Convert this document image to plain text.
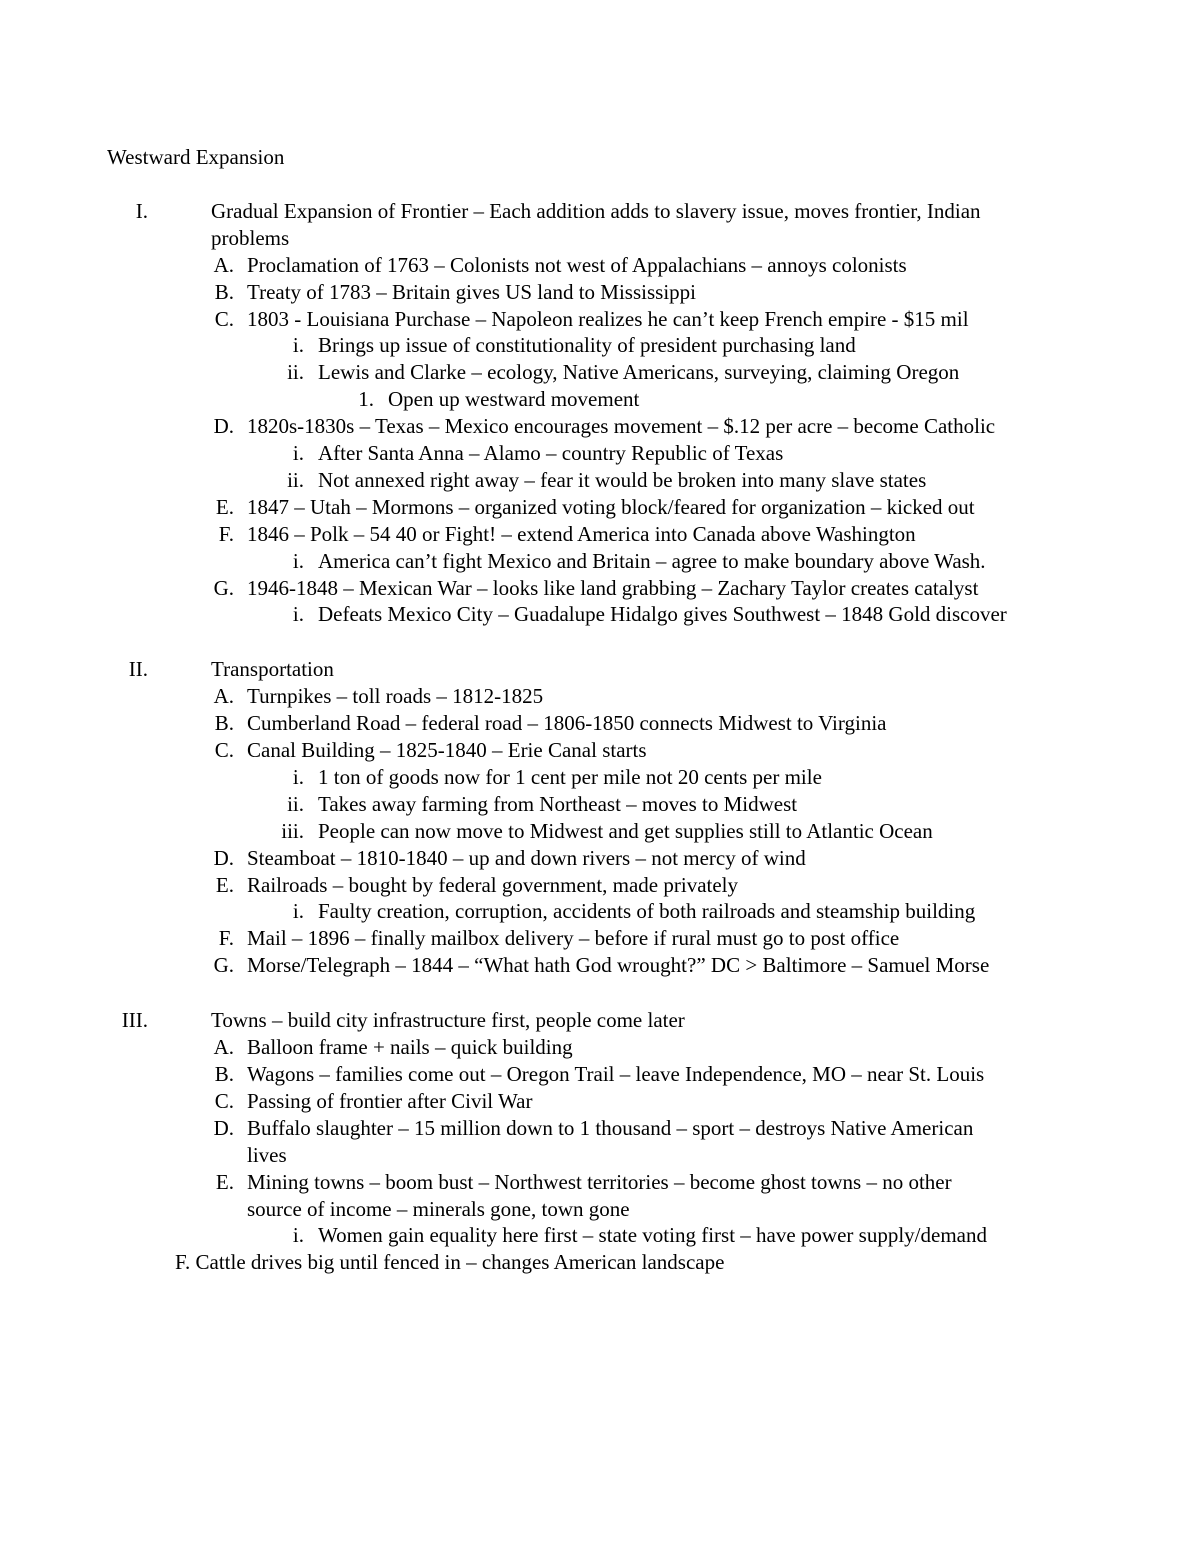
Westward Expansion
I.	Gradual Expansion of Frontier – Each addition adds to slavery issue, moves frontier, Indian
problems
A. Proclamation of 1763 – Colonists not west of Appalachians – annoys colonists
B. Treaty of 1783 – Britain gives US land to Mississippi
C. 1803 - Louisiana Purchase – Napoleon realizes he can’t keep French empire - $15 mil
i. Brings up issue of constitutionality of president purchasing land
ii. Lewis and Clarke – ecology, Native Americans, surveying, claiming Oregon
1. Open up westward movement
D. 1820s-1830s – Texas – Mexico encourages movement – $.12 per acre – become Catholic
i. After Santa Anna – Alamo – country Republic of Texas
ii. Not annexed right away – fear it would be broken into many slave states
E. 1847 – Utah – Mormons – organized voting block/feared for organization – kicked out
F. 1846 – Polk – 54 40 or Fight! – extend America into Canada above Washington
i. America can’t fight Mexico and Britain – agree to make boundary above Wash.
G. 1946-1848 – Mexican War – looks like land grabbing – Zachary Taylor creates catalyst
i. Defeats Mexico City – Guadalupe Hidalgo gives Southwest – 1848 Gold discover
II.	Transportation
A. Turnpikes – toll roads – 1812-1825
B. Cumberland Road – federal road – 1806-1850 connects Midwest to Virginia
C. Canal Building – 1825-1840 – Erie Canal starts
i. 1 ton of goods now for 1 cent per mile not 20 cents per mile
ii. Takes away farming from Northeast – moves to Midwest
iii. People can now move to Midwest and get supplies still to Atlantic Ocean
D. Steamboat – 1810-1840 – up and down rivers – not mercy of wind
E. Railroads – bought by federal government, made privately
i. Faulty creation, corruption, accidents of both railroads and steamship building
F. Mail – 1896 – finally mailbox delivery – before if rural must go to post office
G. Morse/Telegraph – 1844 – “What hath God wrought?” DC > Baltimore – Samuel Morse
III.	Towns – build city infrastructure first, people come later
A. Balloon frame + nails – quick building
B. Wagons – families come out – Oregon Trail – leave Independence, MO – near St. Louis
C. Passing of frontier after Civil War
D. Buffalo slaughter – 15 million down to 1 thousand – sport – destroys Native American
lives
E. Mining towns – boom bust – Northwest territories – become ghost towns – no other
source of income – minerals gone, town gone
i. Women gain equality here first – state voting first – have power supply/demand
F. Cattle drives big until fenced in – changes American landscape
